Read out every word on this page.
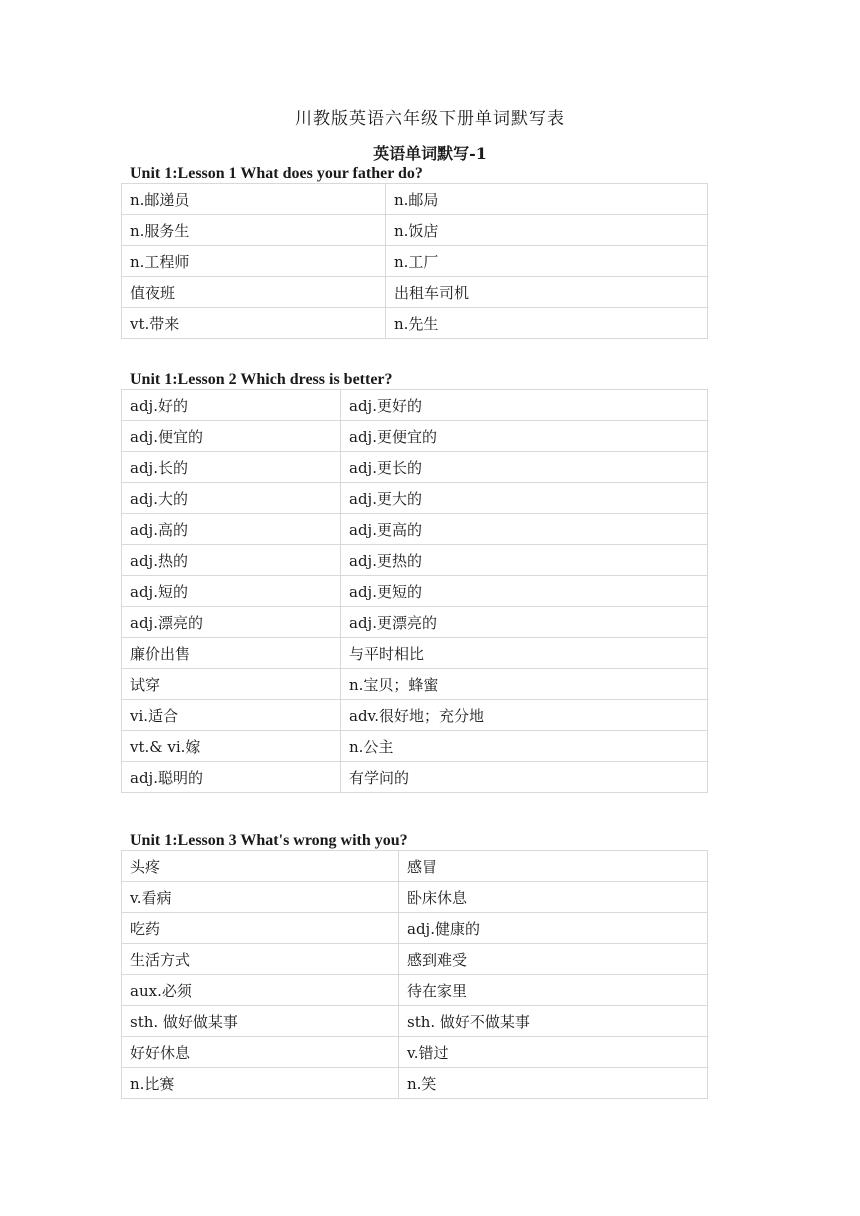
川教版英语六年级下册单词默写表
英语单词默写-1
Unit 1:Lesson 1 What does your father do?
n.邮递员	n.邮局
n.服务生	n.饭店
n.工程师	n.工厂
值夜班	出租车司机
vt.带来	n.先生
Unit 1:Lesson 2 Which dress is better?
adj.好的	adj.更好的
adj.便宜的	adj.更便宜的
adj.长的	adj.更长的
adj.大的	adj.更大的
adj.高的	adj.更高的
adj.热的	adj.更热的
adj.短的	adj.更短的
adj.漂亮的	adj.更漂亮的
廉价出售	与平时相比
试穿	n.宝贝；蜂蜜
vi.适合	adv.很好地；充分地
vt.& vi.嫁	n.公主
adj.聪明的	有学问的
Unit 1:Lesson 3 What's wrong with you?
头疼	感冒
v.看病	卧床休息
吃药	adj.健康的
生活方式	感到难受
aux.必须	待在家里
sth. 做好做某事	sth. 做好不做某事
好好休息	v.错过
n.比赛	n.笑
